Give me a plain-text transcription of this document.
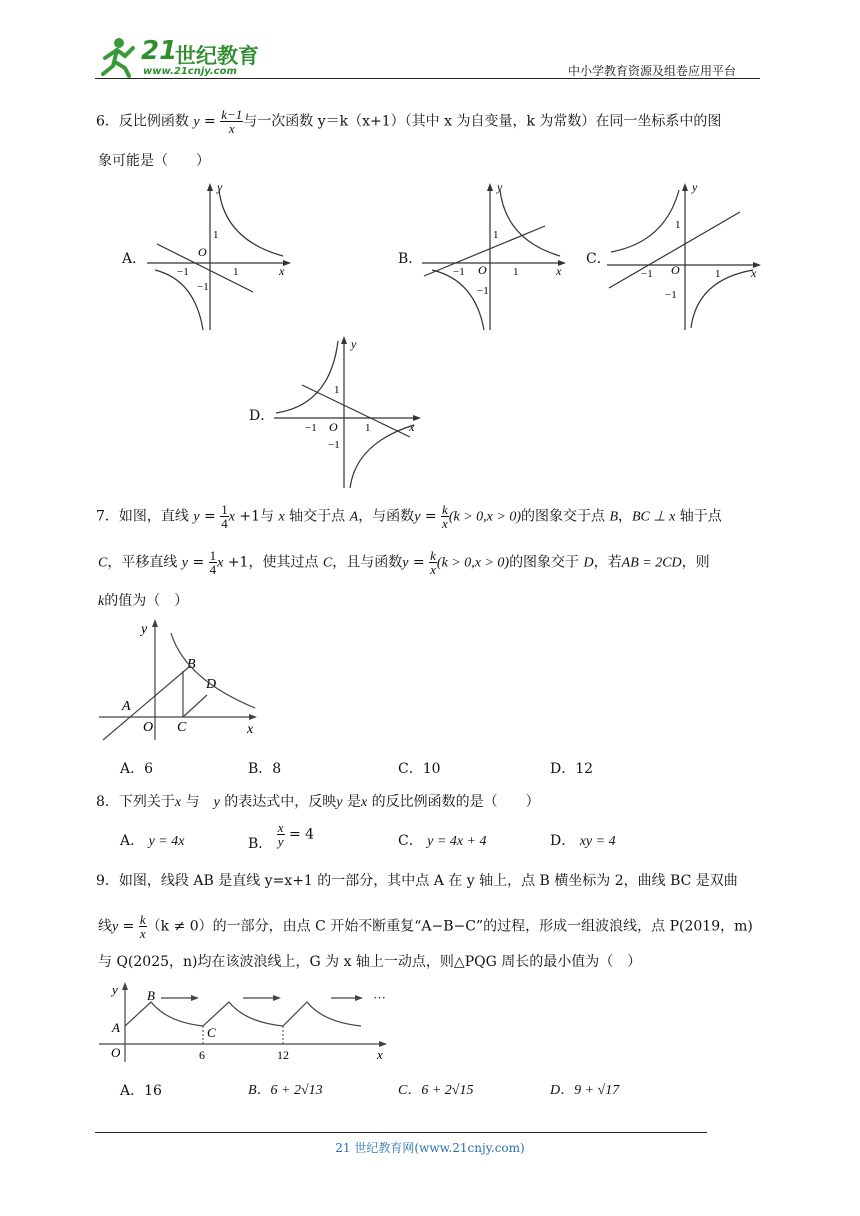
21
世纪教育
www.21cnjy.com	中小学教育资源及组卷应用平台
6．反比例函数 $y = \frac{k-1}{x}$ 与一次函数 y＝k（x+1）（其中 x 为自变量，k 为常数）在同一坐标系中的图
象可能是（　　）
A．
y
x
O
1
1
−1
−1
B．
y
x
O
1
1
−1
−1
C．
y
x
O
1
1
−1
−1
D．
y
x
O
1
1
−1
−1
7．如图，直线 $y = \frac{1}{4}$ x +1与 x 轴交于点 A，与函数$y = \frac{k}{x} (k > 0,x > 0)$的图象交于点 B，BC ⊥ x 轴于点
C，平移直线 $y = \frac{1}{4}$ x +1，使其过点 C，且与函数$y = \frac{k}{x} (k > 0,x > 0)$的图象交于 D，若AB = 2CD，则
k的值为（　）
y
x
O
A
C
B
D
A．6	B．8	C．10	D．12
8．下列关于x 与　 y 的表达式中，反映y 是x 的反比例函数的是（　　）
A． y = 4x	B． $\frac{x}{y} = 4$	C． y = 4x + 4	D． xy = 4
9．如图，线段 AB 是直线 y=x+1 的一部分，其中点 A 在 y 轴上，点 B 横坐标为 2，曲线 BC 是双曲
线$y = \frac{k}{x} (k \ne 0)$的一部分，由点 C 开始不断重复“A−B−C”的过程，形成一组波浪线，点 P(2019，m)
与 Q(2025，n)均在该波浪线上，G 为 x 轴上一动点，则△PQG 周长的最小值为（　）
y
x
O
A
B
C
6	12
···
A．16	B．6 + 2√13	C．6 + 2√15	D．9 + √17
21 世纪教育网(www.21cnjy.com)
